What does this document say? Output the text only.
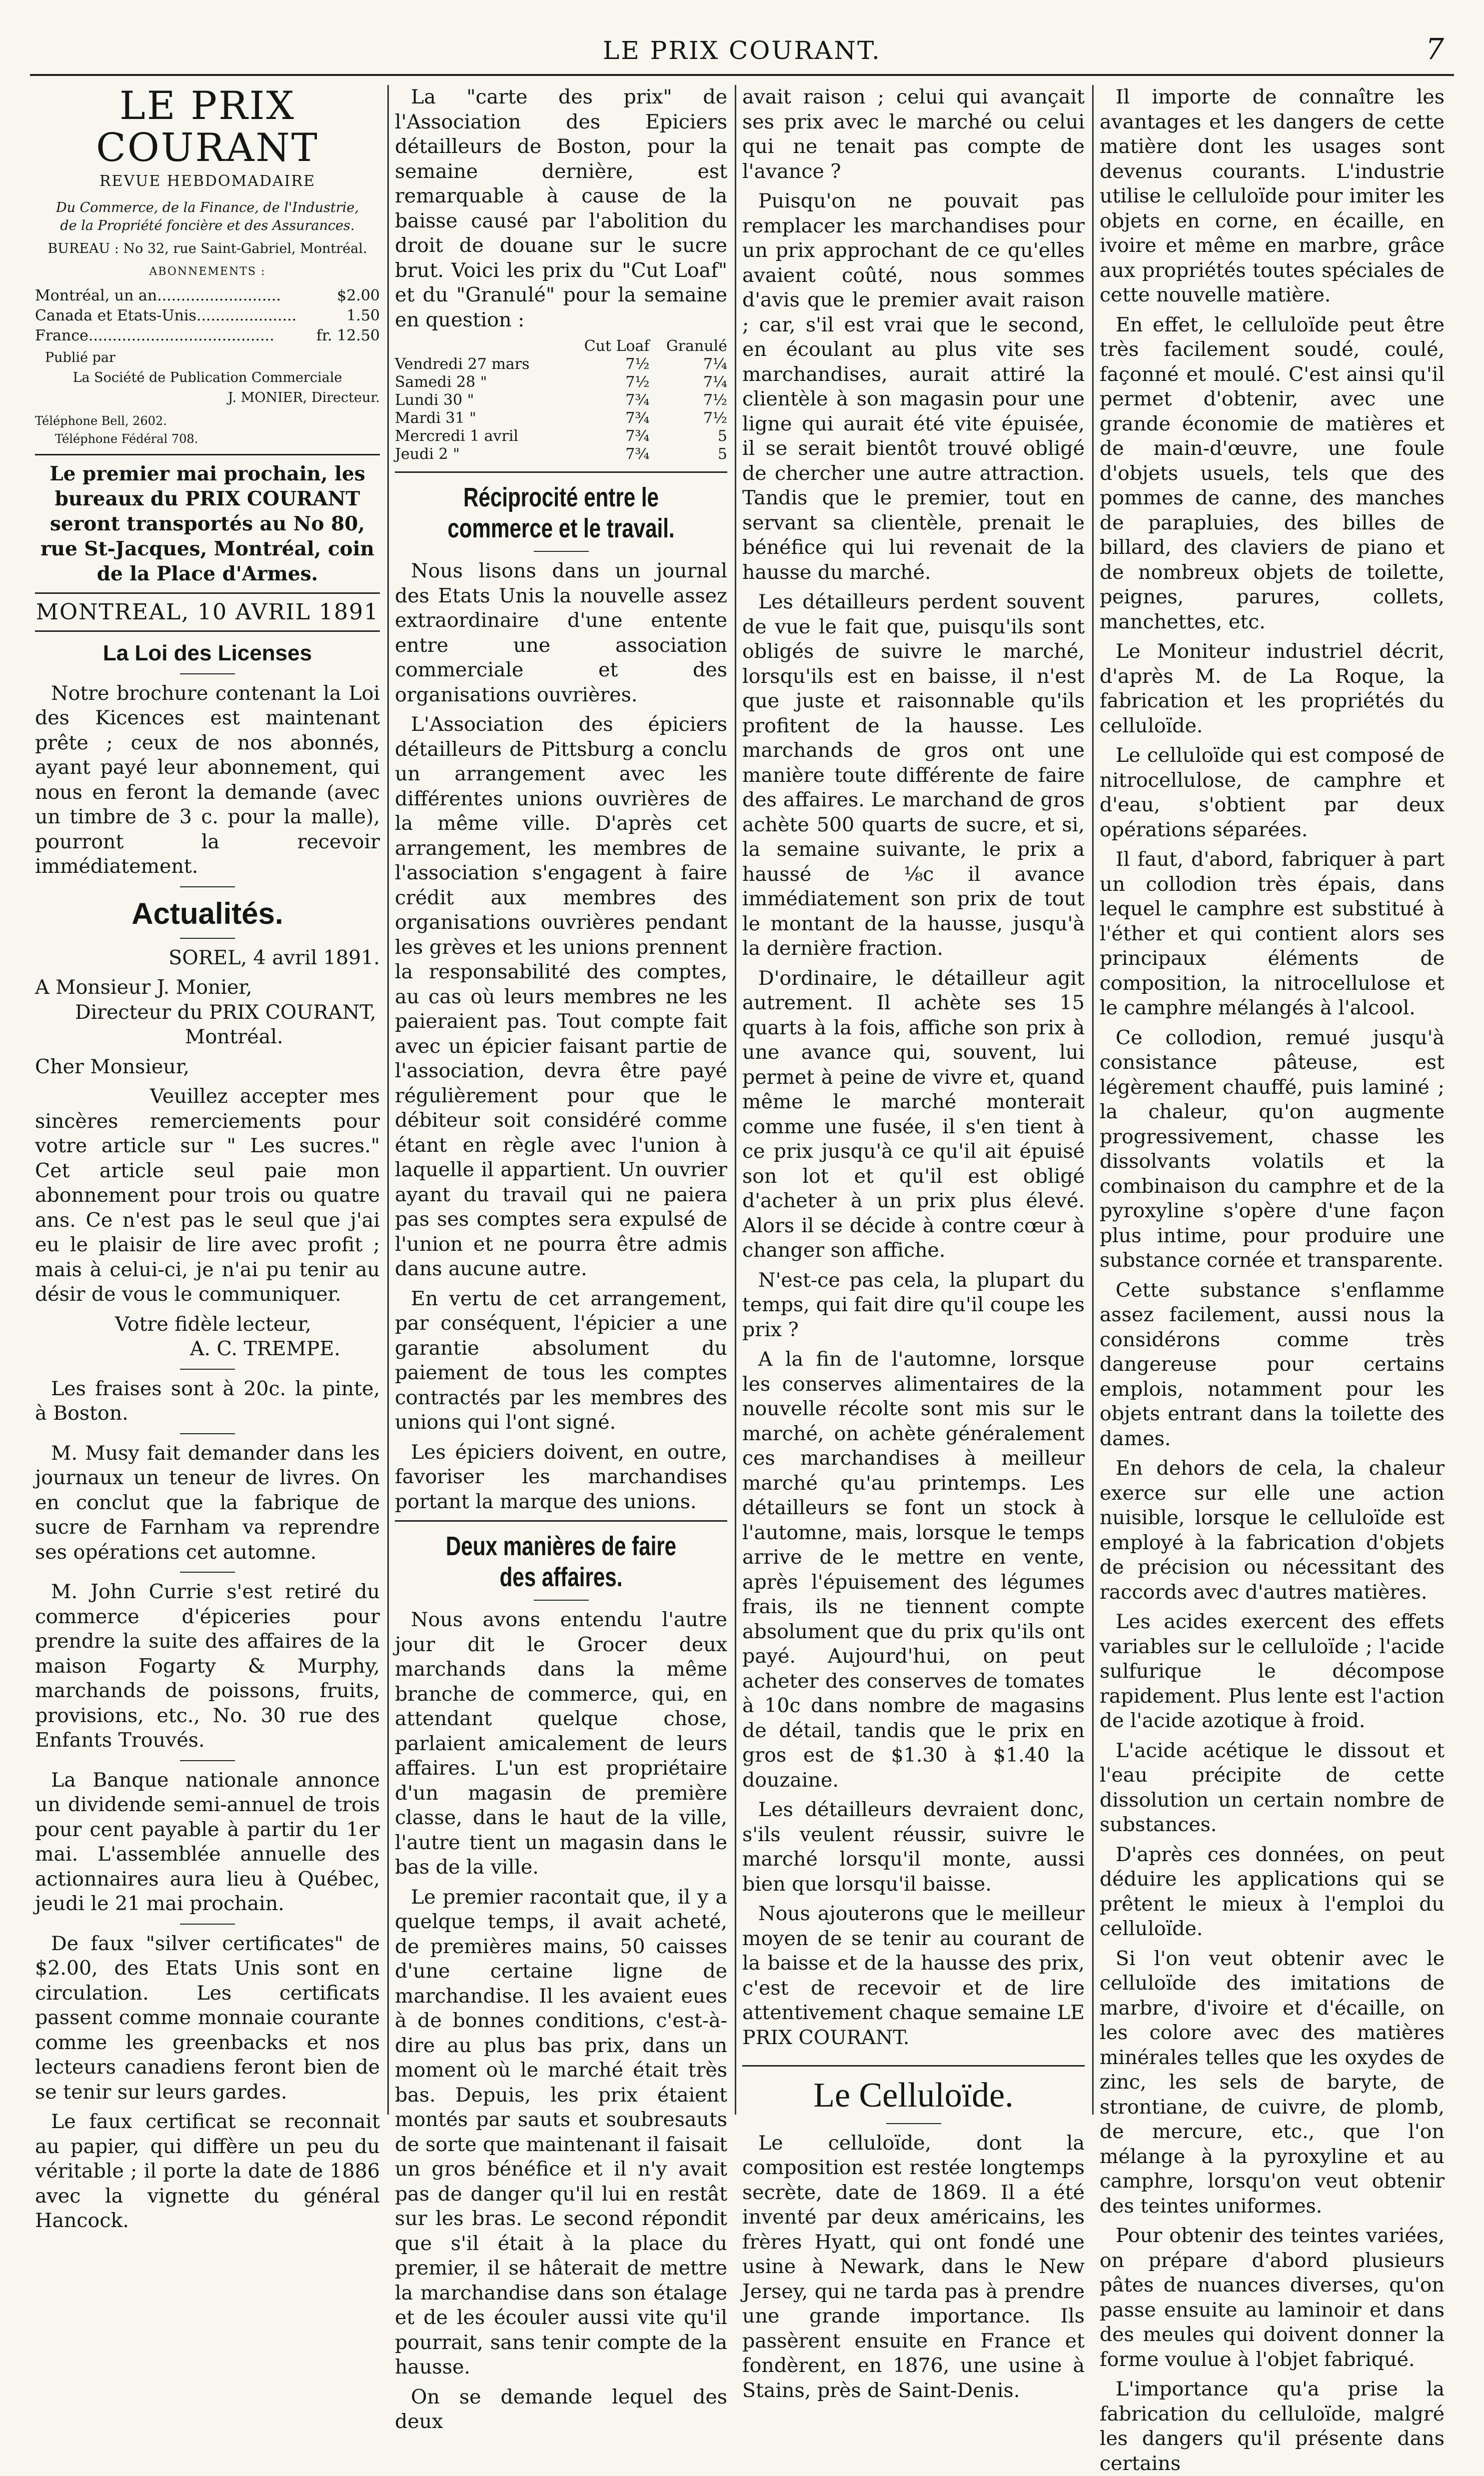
LE PRIX COURANT.	7
LE PRIX COURANT

REVUE HEBDOMADAIRE

Du Commerce, de la Finance, de l'Industrie,

de la Propriété foncière et des Assurances.

BUREAU : No 32, rue Saint-Gabriel, Montréal.

ABONNEMENTS :

Montréal, un an..........................	$2.00
Canada et Etats-Unis.....................	1.50
France.......................................	fr. 12.50

Publié par

La Société de Publication Commerciale

J. MONIER, Directeur.

Téléphone Bell, 2602.

Téléphone Fédéral 708.

Le premier mai prochain, les bureaux du PRIX COURANT seront transportés au No 80, rue St-Jacques, Montréal, coin de la Place d'Armes.

MONTREAL, 10 AVRIL 1891

La Loi des Licenses

Notre brochure contenant la Loi des Kicences est maintenant prête ; ceux de nos abonnés, ayant payé leur abonnement, qui nous en feront la demande (avec un timbre de 3 c. pour la malle), pourront la recevoir immédiatement.

Actualités.

SOREL, 4 avril 1891.

A Monsieur J. Monier,

Directeur du PRIX COURANT,

Montréal.

Cher Monsieur,

Veuillez accepter mes sincères remerciements pour votre article sur " Les sucres." Cet article seul paie mon abonnement pour trois ou quatre ans. Ce n'est pas le seul que j'ai eu le plaisir de lire avec profit ; mais à celui-ci, je n'ai pu tenir au désir de vous le communiquer.

Votre fidèle lecteur,

A. C. TREMPE.

Les fraises sont à 20c. la pinte, à Boston.

M. Musy fait demander dans les journaux un teneur de livres. On en conclut que la fabrique de sucre de Farnham va reprendre ses opérations cet automne.

M. John Currie s'est retiré du commerce d'épiceries pour prendre la suite des affaires de la maison Fogarty & Murphy, marchands de poissons, fruits, provisions, etc., No. 30 rue des Enfants Trouvés.

La Banque nationale annonce un dividende semi-annuel de trois pour cent payable à partir du 1er mai. L'assemblée annuelle des actionnaires aura lieu à Québec, jeudi le 21 mai prochain.

De faux "silver certificates" de $2.00, des Etats Unis sont en circulation. Les certificats passent comme monnaie courante comme les greenbacks et nos lecteurs canadiens feront bien de se tenir sur leurs gardes.

Le faux certificat se reconnait au papier, qui diffère un peu du véritable ; il porte la date de 1886 avec la vignette du général Hancock.

La "carte des prix" de l'Association des Epiciers détailleurs de Boston, pour la semaine dernière, est remarquable à cause de la baisse causé par l'abolition du droit de douane sur le sucre brut. Voici les prix du "Cut Loaf" et du "Granulé" pour la semaine en question :

	Cut Loaf	Granulé
Vendredi 27 mars	7½	7¼
Samedi 28 "	7½	7¼
Lundi 30 "	7¾	7½
Mardi 31 "	7¾	7½
Mercredi 1 avril	7¾	5
Jeudi 2 "	7¾	5
Réciprocité entre le commerce et le travail.

Nous lisons dans un journal des Etats Unis la nouvelle assez extraordinaire d'une entente entre une association commerciale et des organisations ouvrières.

L'Association des épiciers détailleurs de Pittsburg a conclu un arrangement avec les différentes unions ouvrières de la même ville. D'après cet arrangement, les membres de l'association s'engagent à faire crédit aux membres des organisations ouvrières pendant les grèves et les unions prennent la responsabilité des comptes, au cas où leurs membres ne les paieraient pas. Tout compte fait avec un épicier faisant partie de l'association, devra être payé régulièrement pour que le débiteur soit considéré comme étant en règle avec l'union à laquelle il appartient. Un ouvrier ayant du travail qui ne paiera pas ses comptes sera expulsé de l'union et ne pourra être admis dans aucune autre.

En vertu de cet arrangement, par conséquent, l'épicier a une garantie absolument du paiement de tous les comptes contractés par les membres des unions qui l'ont signé.

Les épiciers doivent, en outre, favoriser les marchandises portant la marque des unions.

Deux manières de faire des affaires.

Nous avons entendu l'autre jour dit le Grocer deux marchands dans la même branche de commerce, qui, en attendant quelque chose, parlaient amicalement de leurs affaires. L'un est propriétaire d'un magasin de première classe, dans le haut de la ville, l'autre tient un magasin dans le bas de la ville.

Le premier racontait que, il y a quelque temps, il avait acheté, de premières mains, 50 caisses d'une certaine ligne de marchandise. Il les avaient eues à de bonnes conditions, c'est-à-dire au plus bas prix, dans un moment où le marché était très bas. Depuis, les prix étaient montés par sauts et soubresauts de sorte que maintenant il faisait un gros bénéfice et il n'y avait pas de danger qu'il lui en restât sur les bras. Le second répondit que s'il était à la place du premier, il se hâterait de mettre la marchandise dans son étalage et de les écouler aussi vite qu'il pourrait, sans tenir compte de la hausse.

On se demande lequel des deux

avait raison ; celui qui avançait ses prix avec le marché ou celui qui ne tenait pas compte de l'avance ?

Puisqu'on ne pouvait pas remplacer les marchandises pour un prix approchant de ce qu'elles avaient coûté, nous sommes d'avis que le premier avait raison ; car, s'il est vrai que le second, en écoulant au plus vite ses marchandises, aurait attiré la clientèle à son magasin pour une ligne qui aurait été vite épuisée, il se serait bientôt trouvé obligé de chercher une autre attraction. Tandis que le premier, tout en servant sa clientèle, prenait le bénéfice qui lui revenait de la hausse du marché.

Les détailleurs perdent souvent de vue le fait que, puisqu'ils sont obligés de suivre le marché, lorsqu'ils est en baisse, il n'est que juste et raisonnable qu'ils profitent de la hausse. Les marchands de gros ont une manière toute différente de faire des affaires. Le marchand de gros achète 500 quarts de sucre, et si, la semaine suivante, le prix a haussé de ⅛c il avance immédiatement son prix de tout le montant de la hausse, jusqu'à la dernière fraction.

D'ordinaire, le détailleur agit autrement. Il achète ses 15 quarts à la fois, affiche son prix à une avance qui, souvent, lui permet à peine de vivre et, quand même le marché monterait comme une fusée, il s'en tient à ce prix jusqu'à ce qu'il ait épuisé son lot et qu'il est obligé d'acheter à un prix plus élevé. Alors il se décide à contre cœur à changer son affiche.

N'est-ce pas cela, la plupart du temps, qui fait dire qu'il coupe les prix ?

A la fin de l'automne, lorsque les conserves alimentaires de la nouvelle récolte sont mis sur le marché, on achète généralement ces marchandises à meilleur marché qu'au printemps. Les détailleurs se font un stock à l'automne, mais, lorsque le temps arrive de le mettre en vente, après l'épuisement des légumes frais, ils ne tiennent compte absolument que du prix qu'ils ont payé. Aujourd'hui, on peut acheter des conserves de tomates à 10c dans nombre de magasins de détail, tandis que le prix en gros est de $1.30 à $1.40 la douzaine.

Les détailleurs devraient donc, s'ils veulent réussir, suivre le marché lorsqu'il monte, aussi bien que lorsqu'il baisse.

Nous ajouterons que le meilleur moyen de se tenir au courant de la baisse et de la hausse des prix, c'est de recevoir et de lire attentivement chaque semaine LE PRIX COURANT.

Le Celluloïde.

Le celluloïde, dont la composition est restée longtemps secrète, date de 1869. Il a été inventé par deux américains, les frères Hyatt, qui ont fondé une usine à Newark, dans le New Jersey, qui ne tarda pas à prendre une grande importance. Ils passèrent ensuite en France et fondèrent, en 1876, une usine à Stains, près de Saint-Denis.

Il importe de connaître les avantages et les dangers de cette matière dont les usages sont devenus courants. L'industrie utilise le celluloïde pour imiter les objets en corne, en écaille, en ivoire et même en marbre, grâce aux propriétés toutes spéciales de cette nouvelle matière.

En effet, le celluloïde peut être très facilement soudé, coulé, façonné et moulé. C'est ainsi qu'il permet d'obtenir, avec une grande économie de matières et de main-d'œuvre, une foule d'objets usuels, tels que des pommes de canne, des manches de parapluies, des billes de billard, des claviers de piano et de nombreux objets de toilette, peignes, parures, collets, manchettes, etc.

Le Moniteur industriel décrit, d'après M. de La Roque, la fabrication et les propriétés du celluloïde.

Le celluloïde qui est composé de nitrocellulose, de camphre et d'eau, s'obtient par deux opérations séparées.

Il faut, d'abord, fabriquer à part un collodion très épais, dans lequel le camphre est substitué à l'éther et qui contient alors ses principaux éléments de composition, la nitrocellulose et le camphre mélangés à l'alcool.

Ce collodion, remué jusqu'à consistance pâteuse, est légèrement chauffé, puis laminé ; la chaleur, qu'on augmente progressivement, chasse les dissolvants volatils et la combinaison du camphre et de la pyroxyline s'opère d'une façon plus intime, pour produire une substance cornée et transparente.

Cette substance s'enflamme assez facilement, aussi nous la considérons comme très dangereuse pour certains emplois, notamment pour les objets entrant dans la toilette des dames.

En dehors de cela, la chaleur exerce sur elle une action nuisible, lorsque le celluloïde est employé à la fabrication d'objets de précision ou nécessitant des raccords avec d'autres matières.

Les acides exercent des effets variables sur le celluloïde ; l'acide sulfurique le décompose rapidement. Plus lente est l'action de l'acide azotique à froid.

L'acide acétique le dissout et l'eau précipite de cette dissolution un certain nombre de substances.

D'après ces données, on peut déduire les applications qui se prêtent le mieux à l'emploi du celluloïde.

Si l'on veut obtenir avec le celluloïde des imitations de marbre, d'ivoire et d'écaille, on les colore avec des matières minérales telles que les oxydes de zinc, les sels de baryte, de strontiane, de cuivre, de plomb, de mercure, etc., que l'on mélange à la pyroxyline et au camphre, lorsqu'on veut obtenir des teintes uniformes.

Pour obtenir des teintes variées, on prépare d'abord plusieurs pâtes de nuances diverses, qu'on passe ensuite au laminoir et dans des meules qui doivent donner la forme voulue à l'objet fabriqué.

L'importance qu'a prise la fabrication du celluloïde, malgré les dangers qu'il présente dans certains
